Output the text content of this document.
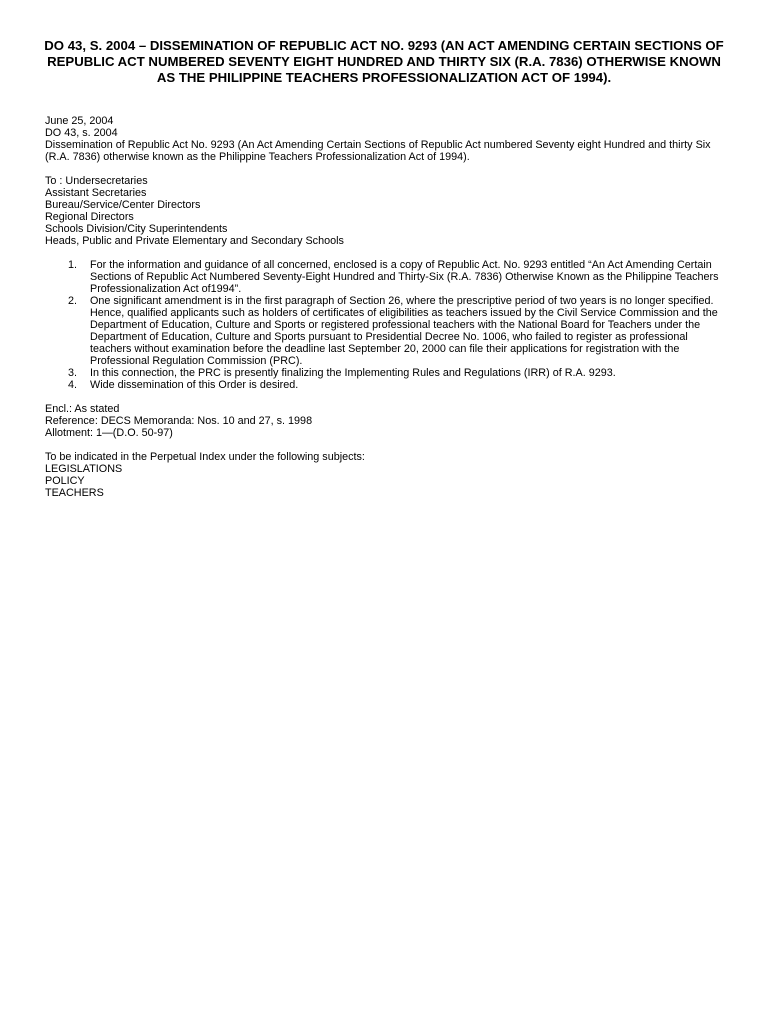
DO 43, S. 2004 – DISSEMINATION OF REPUBLIC ACT NO. 9293 (AN ACT AMENDING CERTAIN SECTIONS OF REPUBLIC ACT NUMBERED SEVENTY EIGHT HUNDRED AND THIRTY SIX (R.A. 7836) OTHERWISE KNOWN AS THE PHILIPPINE TEACHERS PROFESSIONALIZATION ACT OF 1994).
June 25, 2004
DO 43, s. 2004
Dissemination of Republic Act No. 9293 (An Act Amending Certain Sections of Republic Act numbered Seventy eight Hundred and thirty Six (R.A. 7836) otherwise known as the Philippine Teachers Professionalization Act of 1994).
To : Undersecretaries
Assistant Secretaries
Bureau/Service/Center Directors
Regional Directors
Schools Division/City Superintendents
Heads, Public and Private Elementary and Secondary Schools
1. For the information and guidance of all concerned, enclosed is a copy of Republic Act. No. 9293 entitled “An Act Amending Certain Sections of Republic Act Numbered Seventy-Eight Hundred and Thirty-Six (R.A. 7836) Otherwise Known as the Philippine Teachers Professionalization Act of1994”.
2. One significant amendment is in the first paragraph of Section 26, where the prescriptive period of two years is no longer specified. Hence, qualified applicants such as holders of certificates of eligibilities as teachers issued by the Civil Service Commission and the Department of Education, Culture and Sports or registered professional teachers with the National Board for Teachers under the Department of Education, Culture and Sports pursuant to Presidential Decree No. 1006, who failed to register as professional teachers without examination before the deadline last September 20, 2000 can file their applications for registration with the Professional Regulation Commission (PRC).
3. In this connection, the PRC is presently finalizing the Implementing Rules and Regulations (IRR) of R.A. 9293.
4. Wide dissemination of this Order is desired.
Encl.: As stated
Reference: DECS Memoranda: Nos. 10 and 27, s. 1998
Allotment: 1—(D.O. 50-97)
To be indicated in the Perpetual Index under the following subjects:
LEGISLATIONS
POLICY
TEACHERS
